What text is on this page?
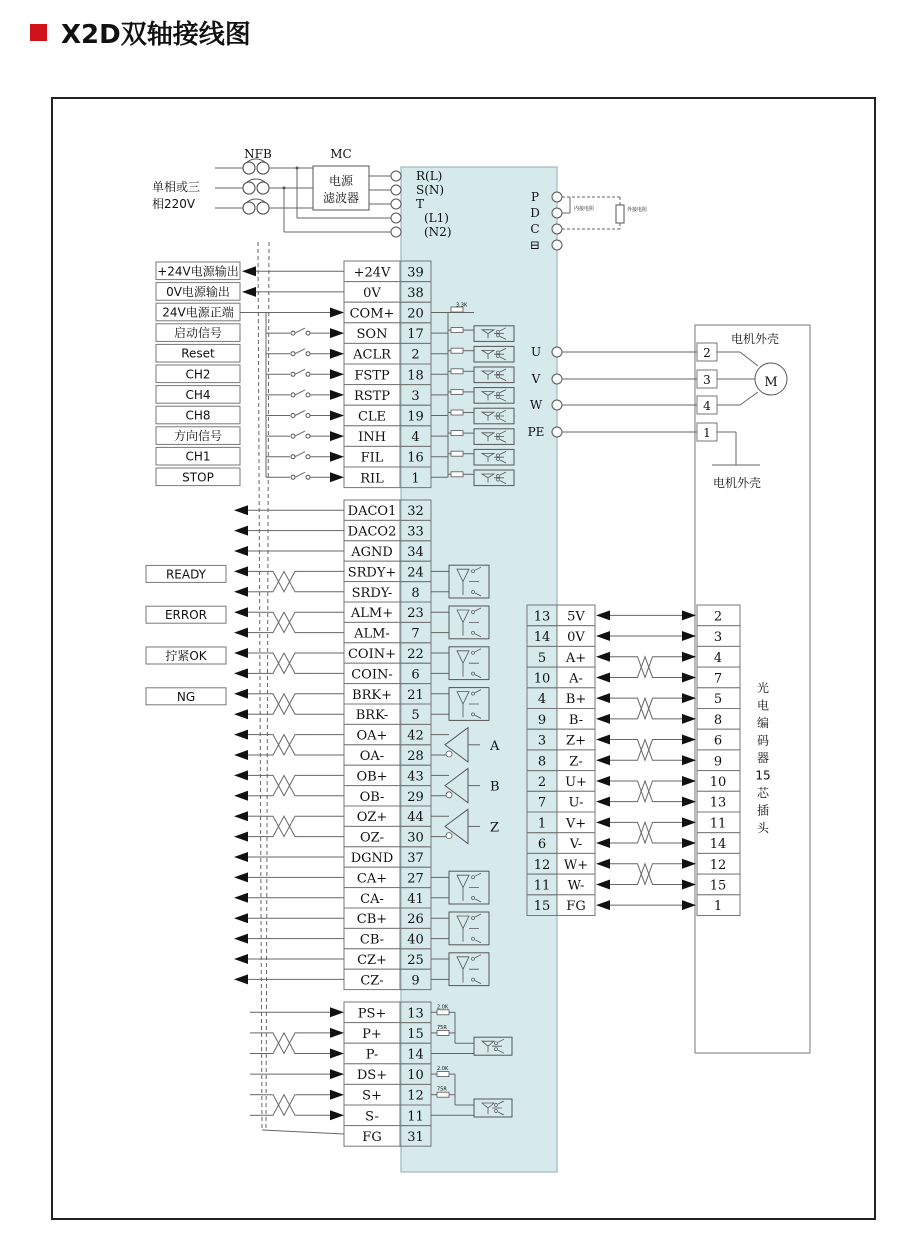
X2D双轴接线图
NFB	MC
单相或三
相220V
电源
滤波器
R(L)
S(N)
T
(L1)
(N2)
P
D
C
⊟
内接电阻	外接电阻
+24V 39
+24V电源输出
0V 38
0V电源输出
COM+ 20
24V电源正端
SON 17
启动信号
ACLR 2
Reset
FSTP 18
CH2
RSTP 3
CH4
CLE 19
CH8
INH 4
方向信号
FIL 16
CH1
RIL 1
STOP
3.3K
DACO1 32
DACO2 33
AGND 34
SRDY+ 24
SRDY- 8
ALM+ 23
ALM- 7
COIN+ 22
COIN- 6
BRK+ 21
BRK- 5
OA+ 42
OA- 28
OB+ 43
OB- 29
OZ+ 44
OZ- 30
DGND 37
CA+ 27
CA- 41
CB+ 26
CB- 40
CZ+ 25
CZ- 9
READY
ERROR
拧紧OK
NG
A
B
Z
PS+ 13
P+ 15
P- 14
DS+ 10
S+ 12
S- 11
FG 31
2.0K
75R
2.0K
75R
电机外壳
U	2
V	3
W	4
PE	1
M
电机外壳
13 5V	2
14 0V	3
5 A+	4
10 A-	7
4 B+	5
9 B-	8
3 Z+	6
8 Z-	9
2 U+	10
7 U-	13
1 V+	11
6 V-	14
12 W+	12
11 W-	15
15 FG	1
光
电
编
码
器
15
芯
插
头
